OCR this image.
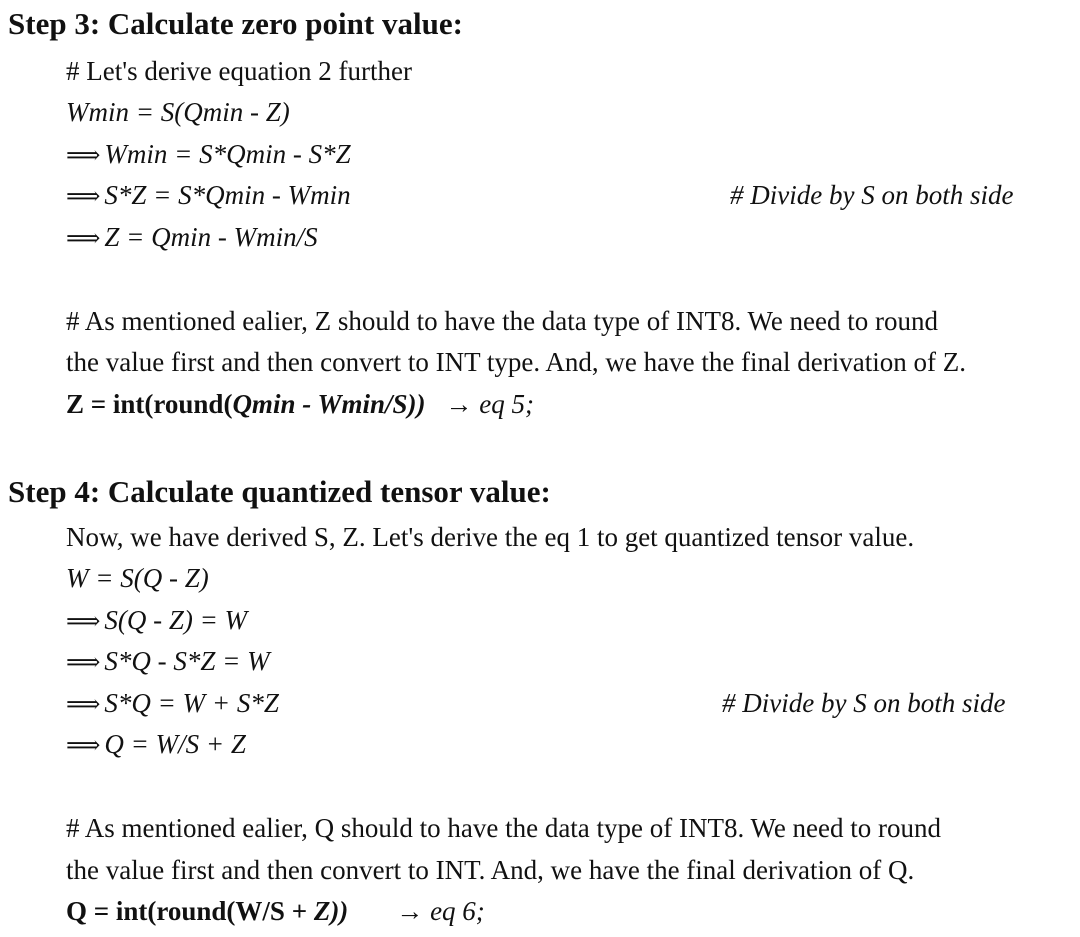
Step 3: Calculate zero point value:
# Let's derive equation 2 further
Wmin = S(Qmin - Z)
⟹ Wmin = S*Qmin - S*Z
⟹ S*Z = S*Qmin - Wmin	# Divide by S on both side
⟹ Z = Qmin - Wmin/S
# As mentioned ealier, Z should to have the data type of INT8. We need to round
the value first and then convert to INT type. And, we have the final derivation of Z.
Z = int(round(Qmin - Wmin/S)) → eq 5;
Step 4: Calculate quantized tensor value:
Now, we have derived S, Z. Let's derive the eq 1 to get quantized tensor value.
W = S(Q - Z)
⟹ S(Q - Z) = W
⟹ S*Q - S*Z = W
⟹ S*Q = W + S*Z	# Divide by S on both side
⟹ Q = W/S + Z
# As mentioned ealier, Q should to have the data type of INT8. We need to round
the value first and then convert to INT. And, we have the final derivation of Q.
Q = int(round(W/S + Z)) → eq 6;
